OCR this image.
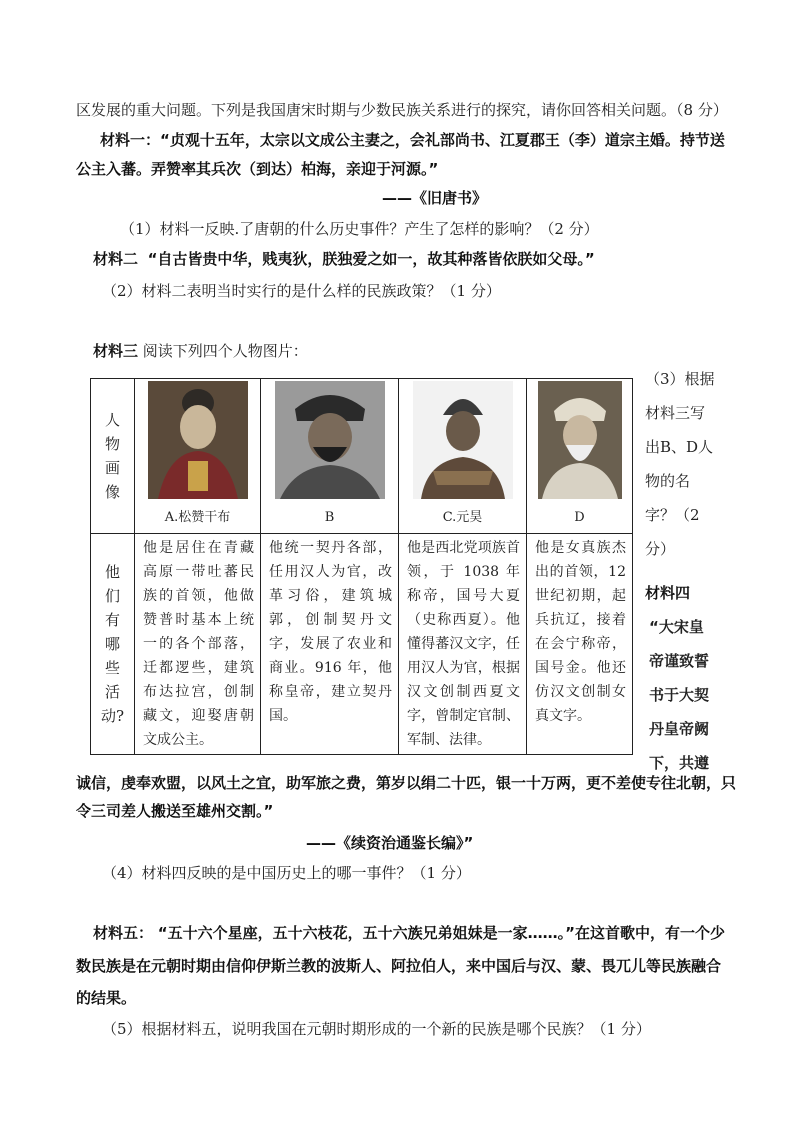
区发展的重大问题。下列是我国唐宋时期与少数民族关系进行的探究，请你回答相关问题。（8 分）
材料一：“贞观十五年，太宗以文成公主妻之，会礼部尚书、江夏郡王（李）道宗主婚。持节送
公主入蕃。弄赞率其兵次（到达）柏海，亲迎于河源。”
——《旧唐书》
（1）材料一反映.了唐朝的什么历史事件？产生了怎样的影响？（2 分）
材料二 “自古皆贵中华，贱夷狄，朕独爱之如一，故其种落皆依朕如父母。”
（2）材料二表明当时实行的是什么样的民族政策？（1 分）
材料三 阅读下列四个人物图片：
人物画像	A.松赞干布	B	C.元昊	D

他们有哪些活动?	他是居住在青藏高原一带吐蕃民族的首领，他做赞普时基本上统一的各个部落，迁都逻些，建筑布达拉宫，创制藏文，迎娶唐朝文成公主。	他统一契丹各部，任用汉人为官，改革习俗，建筑城郭，创制契丹文字，发展了农业和商业。916 年，他称皇帝，建立契丹国。	他是西北党项族首领，于 1038 年称帝，国号大夏（史称西夏）。他懂得蕃汉文字，任用汉人为官，根据汉文创制西夏文字，曾制定官制、军制、法律。	他是女真族杰出的首领，12 世纪初期，起兵抗辽，接着在会宁称帝，国号金。他还仿汉文创制女真文字。
（3）根据材料三写出B、D人物的名字？（2 分）
材料四
“大宋皇帝谨致誓书于大契丹皇帝阙下，共遵
诚信，虔奉欢盟，以风土之宜，助军旅之费，第岁以绢二十匹，银一十万两，更不差使专往北朝，只
令三司差人搬送至雄州交割。”
——《续资治通鉴长编》”
（4）材料四反映的是中国历史上的哪一事件？（1 分）
材料五： “五十六个星座，五十六枝花，五十六族兄弟姐妹是一家……。”在这首歌中，有一个少
数民族是在元朝时期由信仰伊斯兰教的波斯人、阿拉伯人，来中国后与汉、蒙、畏兀儿等民族融合
的结果。
（5）根据材料五，说明我国在元朝时期形成的一个新的民族是哪个民族？（1 分）
